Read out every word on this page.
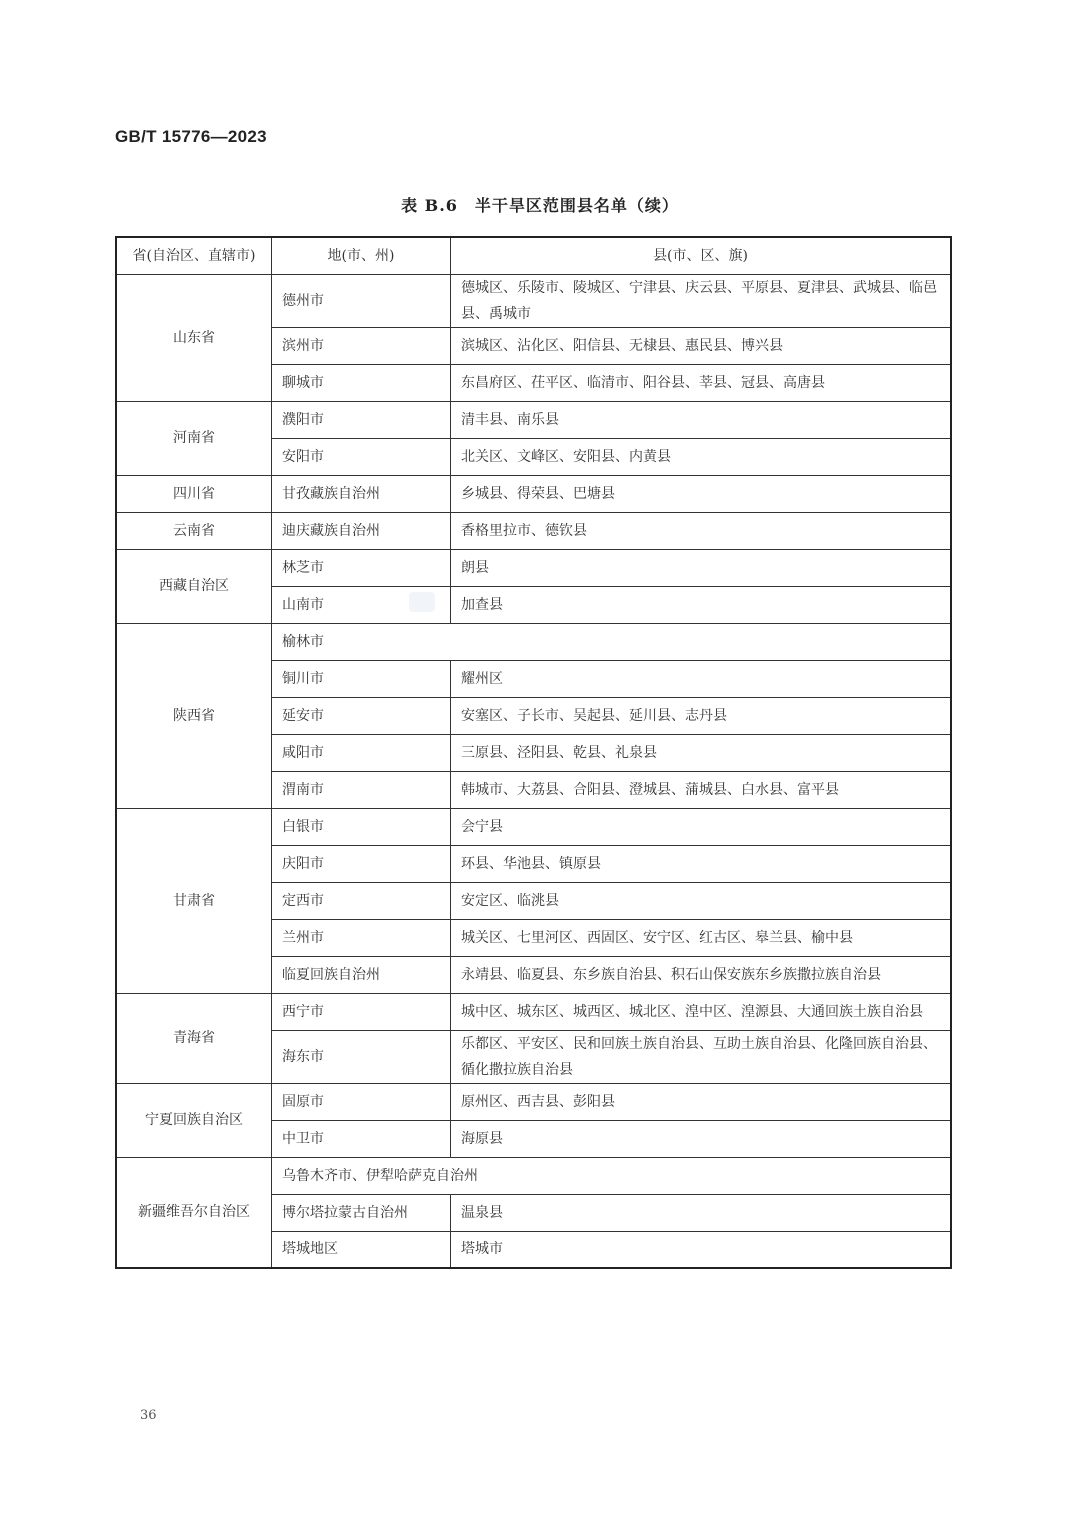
GB/T 15776—2023
表 B.6　半干旱区范围县名单（续）
省(自治区、直辖市)	地(市、州)	县(市、区、旗)
山东省	德州市	德城区、乐陵市、陵城区、宁津县、庆云县、平原县、夏津县、武城县、临邑县、禹城市
	滨州市	滨城区、沾化区、阳信县、无棣县、惠民县、博兴县
	聊城市	东昌府区、茌平区、临清市、阳谷县、莘县、冠县、高唐县
河南省	濮阳市	清丰县、南乐县
	安阳市	北关区、文峰区、安阳县、内黄县
四川省	甘孜藏族自治州	乡城县、得荣县、巴塘县
云南省	迪庆藏族自治州	香格里拉市、德钦县
西藏自治区	林芝市	朗县
	山南市	加查县
陕西省	榆林市	
	铜川市	耀州区
	延安市	安塞区、子长市、吴起县、延川县、志丹县
	咸阳市	三原县、泾阳县、乾县、礼泉县
	渭南市	韩城市、大荔县、合阳县、澄城县、蒲城县、白水县、富平县
甘肃省	白银市	会宁县
	庆阳市	环县、华池县、镇原县
	定西市	安定区、临洮县
	兰州市	城关区、七里河区、西固区、安宁区、红古区、皋兰县、榆中县
	临夏回族自治州	永靖县、临夏县、东乡族自治县、积石山保安族东乡族撒拉族自治县
青海省	西宁市	城中区、城东区、城西区、城北区、湟中区、湟源县、大通回族土族自治县
	海东市	乐都区、平安区、民和回族土族自治县、互助土族自治县、化隆回族自治县、循化撒拉族自治县
宁夏回族自治区	固原市	原州区、西吉县、彭阳县
	中卫市	海原县
新疆维吾尔自治区	乌鲁木齐市、伊犁哈萨克自治州	
	博尔塔拉蒙古自治州	温泉县
	塔城地区	塔城市
36
